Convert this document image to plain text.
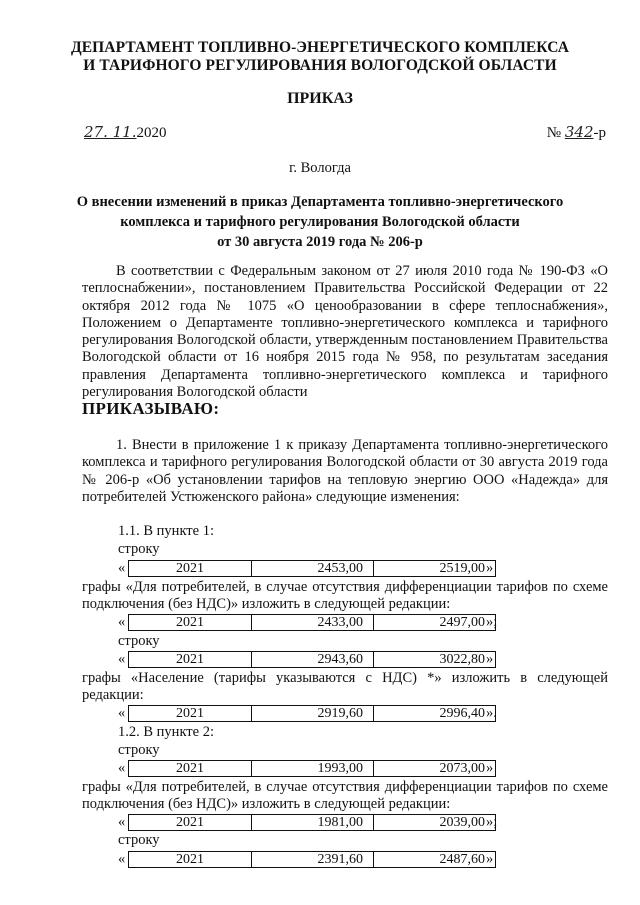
ДЕПАРТАМЕНТ ТОПЛИВНО-ЭНЕРГЕТИЧЕСКОГО КОМПЛЕКСА
И ТАРИФНОГО РЕГУЛИРОВАНИЯ ВОЛОГОДСКОЙ ОБЛАСТИ
ПРИКАЗ
27. 11.2020	№ 342-р
г. Вологда
О внесении изменений в приказ Департамента топливно-энергетического
комплекса и тарифного регулирования Вологодской области
от 30 августа 2019 года № 206-р
В соответствии с Федеральным законом от 27 июля 2010 года № 190-ФЗ «О теплоснабжении», постановлением Правительства Российской Федерации от 22 октября 2012 года № 1075 «О ценообразовании в сфере теплоснабжения», Положением о Департаменте топливно-энергетического комплекса и тарифного регулирования Вологодской области, утвержденным постановлением Правительства Вологодской области от 16 ноября 2015 года № 958, по результатам заседания правления Департамента топливно-энергетического комплекса и тарифного регулирования Вологодской области
ПРИКАЗЫВАЮ:
1. Внести в приложение 1 к приказу Департамента топливно-энергетического комплекса и тарифного регулирования Вологодской области от 30 августа 2019 года № 206-р «Об установлении тарифов на тепловую энергию ООО «Надежда» для потребителей Устюженского района» следующие изменения:
1.1. В пункте 1:
строку
«	2021	2453,00	2519,00 »
графы «Для потребителей, в случае отсутствия дифференциации тарифов по схеме подключения (без НДС)» изложить в следующей редакции:
«	2021	2433,00	2497,00 »;
строку
«	2021	2943,60	3022,80 »
графы «Население (тарифы указываются с НДС) *» изложить в следующей редакции:
«	2021	2919,60	2996,40 ».
1.2. В пункте 2:
строку
«	2021	1993,00	2073,00 »
графы «Для потребителей, в случае отсутствия дифференциации тарифов по схеме подключения (без НДС)» изложить в следующей редакции:
«	2021	1981,00	2039,00 »;
строку
«	2021	2391,60	2487,60 »
